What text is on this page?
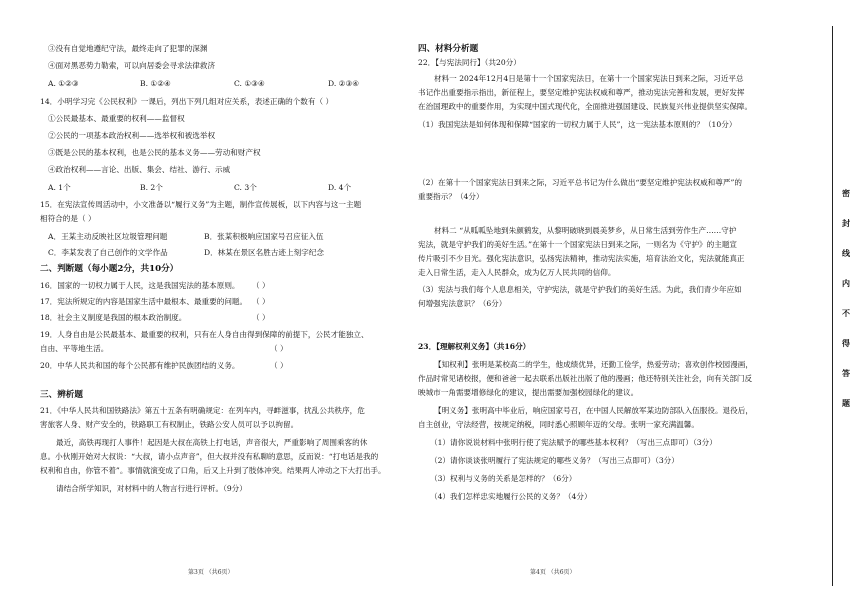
③没有自觉地遵纪守法，最终走向了犯罪的深渊
④面对黑恶势力勒索，可以向居委会寻求法律救济
A. ①②③	B. ①②④	C. ①③④	D. ②③④
14．小明学习完《公民权利》一课后，列出下列几组对应关系，表述正确的个数有（ ）
①公民最基本、最重要的权利——监督权
②公民的一项基本政治权利——选举权和被选举权
③既是公民的基本权利，也是公民的基本义务——劳动和财产权
④政治权利——言论、出版、集会、结社、游行、示威
A. 1个	B. 2个	C. 3个	D. 4个
15．在宪法宣传周活动中，小文准备以“履行义务”为主题，制作宣传展板，以下内容与这一主题
相符合的是（ ）
A．王某主动反映社区垃圾管理问题	B．张某积极响应国家号召应征入伍
C．李某发表了自己创作的文学作品	D．林某在景区名胜古迹上刻字纪念
二、判断题（每小题2分，共10分）
16．国家的一切权力属于人民，这是我国宪法的基本原则。 （ ）
17．宪法所规定的内容是国家生活中最根本、最重要的问题。 （ ）
18．社会主义制度是我国的根本政治制度。	（ ）
19．人身自由是公民最基本、最重要的权利，只有在人身自由得到保障的前提下，公民才能独立、
自由、平等地生活。	（ ）
20．中华人民共和国的每个公民都有维护民族团结的义务。	（ ）
三、辨析题
21．《中华人民共和国铁路法》第五十五条有明确规定：在列车内，寻衅滋事，扰乱公共秩序，危
害旅客人身、财产安全的，铁路职工有权制止，铁路公安人员可以予以拘留。
最近，高铁再现打人事件！起因是大叔在高铁上打电话，声音很大，严重影响了周围乘客的休
息。小伙刚开始对大叔说：“大叔，请小点声音”，但大叔并没有私聊的意思，反而说：“打电话是我的
权利和自由，你管不着”。事情就演变成了口角，后又上升到了肢体冲突。结果两人冲动之下大打出手。
请结合所学知识，对材料中的人物言行进行评析。（9分）
第3页 （共6页）
四、材料分析题
22．【与宪法同行】（共20分）
材料一 2024年12月4日是第十一个国家宪法日，在第十一个国家宪法日到来之际，习近平总
书记作出重要指示指出，新征程上，要坚定维护宪法权威和尊严，推动宪法完善和发展，更好发挥
在治国理政中的重要作用，为实现中国式现代化，全面推进强国建设、民族复兴伟业提供坚实保障。
（1）我国宪法是如何体现和保障“国家的一切权力属于人民”，这一宪法基本原则的？（10分）
（2）在第十一个国家宪法日到来之际，习近平总书记为什么做出“要坚定维护宪法权威和尊严”的
重要指示？（4分）
材料二 “从呱呱坠地到朱颜鹤发，从黎明破晓到晨美梦乡，从日常生活到劳作生产……守护
宪法，就是守护我们的美好生活。”在第十一个国家宪法日到来之际，一则名为《守护》的主题宣
传片吸引不少目光。强化宪法意识，弘扬宪法精神，推动宪法实施，培育法治文化，宪法就能真正
走入日常生活，走入人民群众，成为亿万人民共同的信仰。
（3）宪法与我们每个人息息相关，守护宪法，就是守护我们的美好生活。为此，我们青少年应如
何增强宪法意识？（6分）
23．【理解权利义务】（共16分）
【知权利】张明是某校高二的学生，他成绩优异，还勤工俭学，热爱劳动；喜欢创作校园漫画，
作品时常见诸校报，便和爸爸一起去联系出版社出版了他的漫画；他还特别关注社会，向有关部门反
映城市一角需要增修绿化的建议，提出需要加强校园绿化的建议。
【明义务】张明高中毕业后，响应国家号召，在中国人民解放军某边防部队入伍服役。退役后，
自主创业，守法经营，按规定纳税，同时悉心照顾年迈的父母。张明一家充满温馨。
（1）请你说说材料中张明行使了宪法赋予的哪些基本权利？（写出三点即可）（3分）
（2）请你谈谈张明履行了宪法规定的哪些义务？（写出三点即可）（3分）
（3）权利与义务的关系是怎样的？（6分）
（4）我们怎样忠实地履行公民的义务？（4分）
第4页 （共6页）
密
封
线
内
不
得
答
题
